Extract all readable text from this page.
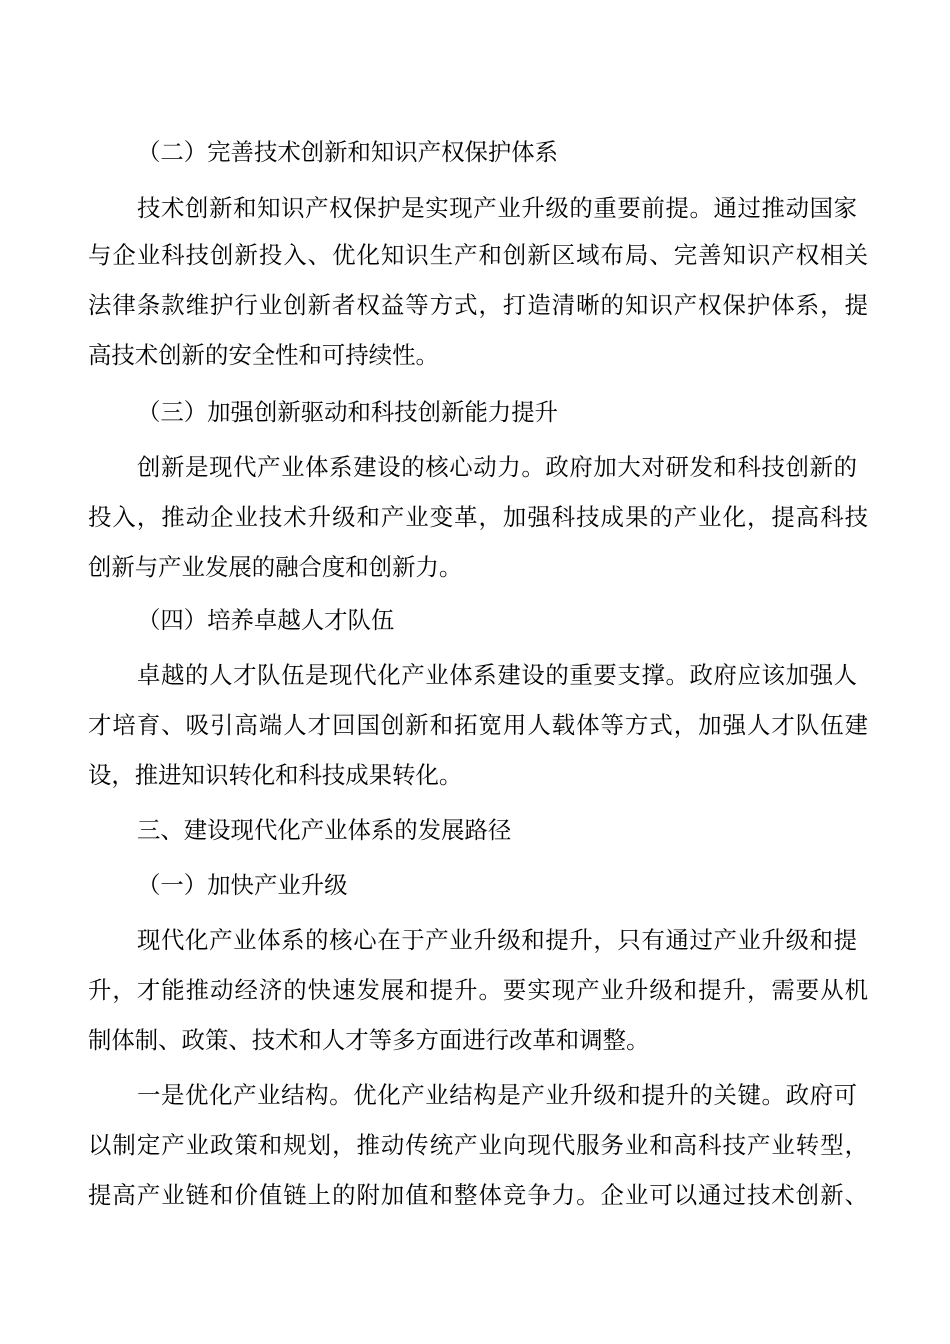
（二）完善技术创新和知识产权保护体系
技术创新和知识产权保护是实现产业升级的重要前提。通过推动国家
与企业科技创新投入、优化知识生产和创新区域布局、完善知识产权相关
法律条款维护行业创新者权益等方式，打造清晰的知识产权保护体系，提
高技术创新的安全性和可持续性。
（三）加强创新驱动和科技创新能力提升
创新是现代产业体系建设的核心动力。政府加大对研发和科技创新的
投入，推动企业技术升级和产业变革，加强科技成果的产业化，提高科技
创新与产业发展的融合度和创新力。
（四）培养卓越人才队伍
卓越的人才队伍是现代化产业体系建设的重要支撑。政府应该加强人
才培育、吸引高端人才回国创新和拓宽用人载体等方式，加强人才队伍建
设，推进知识转化和科技成果转化。
三、建设现代化产业体系的发展路径
（一）加快产业升级
现代化产业体系的核心在于产业升级和提升，只有通过产业升级和提
升，才能推动经济的快速发展和提升。要实现产业升级和提升，需要从机
制体制、政策、技术和人才等多方面进行改革和调整。
一是优化产业结构。优化产业结构是产业升级和提升的关键。政府可
以制定产业政策和规划，推动传统产业向现代服务业和高科技产业转型，
提高产业链和价值链上的附加值和整体竞争力。企业可以通过技术创新、
